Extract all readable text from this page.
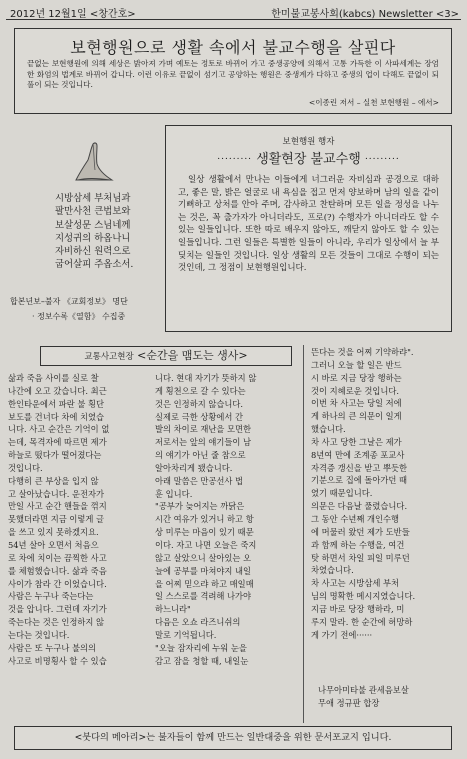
2012년 12월1일 <창간호>	한미불교봉사회(kabcs) Newsletter <3>
보현행원으로 생활 속에서 불교수행을 살핀다
끝없는 보현행원에 의해 세상은 밝아져 가며 예토는 정토로 바뀌어 가고 중생공양에 의해서 고통 가득한 이 사파세계는 장엄한 화엄의 법계로 바뀌어 갑니다. 이런 이유로 끝없이 섬기고 공양하는 행원은 중생계가 다하고 중생의 업이 다해도 끝없이 되풀이 되는 것입니다.
<이종린 저서 – 실천 보현행원 – 에서>
시방삼세 부처님과
팔만사천 큰법보와
보살성문 스님네께
지성귀의 하옵나니
자비하신 원력으로
굽어살피 주옵소서.
합본년보–불자 《교회정보》 명단
· 정보수록《열함》 수집중
보현행원 행자
········· 생활현장 불교수행 ·········
일상 생활에서 만나는 이들에게 너그러운 자비심과 공경으로 대하고, 좋은 말, 밝은 얼굴로 내 욕심을 접고 먼저 양보하며 남의 일을 같이 기뻐하고 상처를 안아 주며, 감사하고 찬탄하며 모든 일을 정성을 나누는 것은, 꼭 출가자가 아니더라도, 프로(?) 수행자가 아니더라도 할 수 있는 일들입니다. 또한 따로 배우지 않아도, 깨닫지 않아도 할 수 있는 일들입니다. 그런 일들은 특별한 일들이 아니라, 우리가 일상에서 늘 부딪치는 일들인 것입니다. 일상 생활의 모든 것들이 그대로 수행이 되는 것인데, 그 정점이 보현행원입니다.
교통사고현장 <순간을 맴도는 생사>
삶과 죽음 사이를 실로 찰
나간에 오고 갔습니다. 최근
한인타운에서 파란 불 횡단
보도를 건너다 차에 치였습
니다. 사고 순간은 기억이 없
는데, 목격자에 따르면 제가
하늘로 떴다가 떨어졌다는
것입니다.
다행히 큰 부상을 입지 않
고 살아났습니다. 운전자가
만일 사고 순간 핸들을 꺾지
못했더라면 지금 이렇게 글
을 쓰고 있지 못하겠지요.
54년 살아 오면서 처음으
로 차에 치이는 끔찍한 사고
를 체험했습니다. 삶과 죽음
사이가 참라 간 이었습니다.
사람은 누구나 죽는다는
것을 압니다. 그런데 자기가
죽는다는 것은 인정하지 않
는다는 것입니다.
사람은 또 누구나 불의의
사고로 비명횡사 할 수 있습
니다. 현대 자기가 뜻하지 않
게 횡천으로 갈 수 있다는
것은 인정하지 않습니다.
실제로 극한 상황에서 간
발의 차이로 재난을 모면한
저로서는 앞의 얘기들이 남
의 얘기가 아닌 줄 참으로
알아차리게 됐습니다.
아래 말씀은 만공선사 법
훈 입니다.
"공부가 늦어지는 까닭은
시간 여유가 있거니 하고 항
상 미루는 마음이 있기 때문
이다. 자고 나면 오늘은 죽지
않고 살았으니 살아있는 오
늘에 공부를 마쳐야지 내일
을 어찌 믿으랴 하고 매일매
일 스스로를 격려해 나가야
하느니라"
다음은 오쇼 라즈니쉬의
말로 기억됩니다.
"오늘 잠자리에 누워 눈을
감고 잠을 청할 때, 내일눈
뜬다는 것을 어찌 기약하랴".
그러니 오늘 할 일은 반드
시 바로 지금 당장 행하는
것이 지혜로운 것입니다.
이번 차 사고는 당일 저에
게 하나의 큰 의문이 일게
했습니다.
차 사고 당한 그날은 제가
8년여 만에 조계종 포교사
자격증 갱신을 받고 뿌듯한
기분으로 집에 돌아가던 때
였기 때문입니다.
의문은 다음날 풀렸습니다.
그 동안 수년째 개인수행
에 머물러 왔던 제가 도반들
과 함께 하는 수행을, 여건
탓 하면서 차일 피일 미루던
차였습니다.
차 사고는 시방삼세 부처
님의 명확한 메시지였습니다.
지금 바로 당장 행하라, 미
루지 말라. 한 순간에 허망하
게 가기 전에······
나무아미타불 관세음보살
무애 정규판 합장
<붓다의 메아리>는 불자들이 함께 만드는 일반대중을 위한 문서포교지 입니다.
